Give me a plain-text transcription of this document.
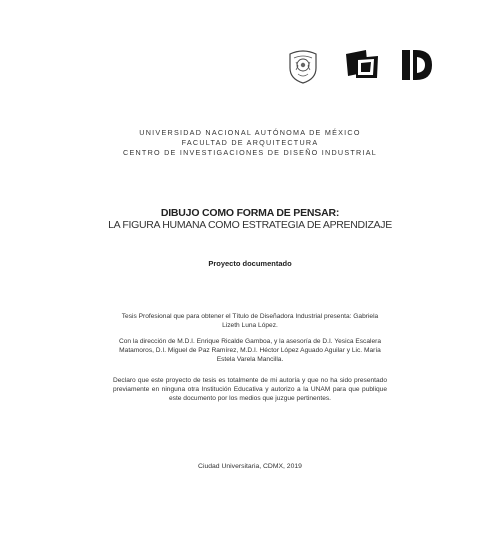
UNIVERSIDAD NACIONAL AUTÓNOMA DE MÉXICO
FACULTAD DE ARQUITECTURA
CENTRO DE INVESTIGACIONES DE DISEÑO INDUSTRIAL
DIBUJO COMO FORMA DE PENSAR:
LA FIGURA HUMANA COMO ESTRATEGIA DE APRENDIZAJE
Proyecto documentado
Tesis Profesional que para obtener el Título de Diseñadora Industrial presenta: Gabriela Lizeth Luna López.
Con la dirección de M.D.I. Enrique Ricalde Gamboa, y la asesoría de D.I. Yesica Escalera Matamoros, D.I. Miguel de Paz Ramírez, M.D.I. Héctor López Aguado Aguilar y Lic. María Estela Varela Mancilla.
Declaro que este proyecto de tesis es totalmente de mi autoría y que no ha sido presentado previamente en ninguna otra Institución Educativa y autorizo a la UNAM para que publique este documento por los medios que juzgue pertinentes.
Ciudad Universitaria, CDMX, 2019
